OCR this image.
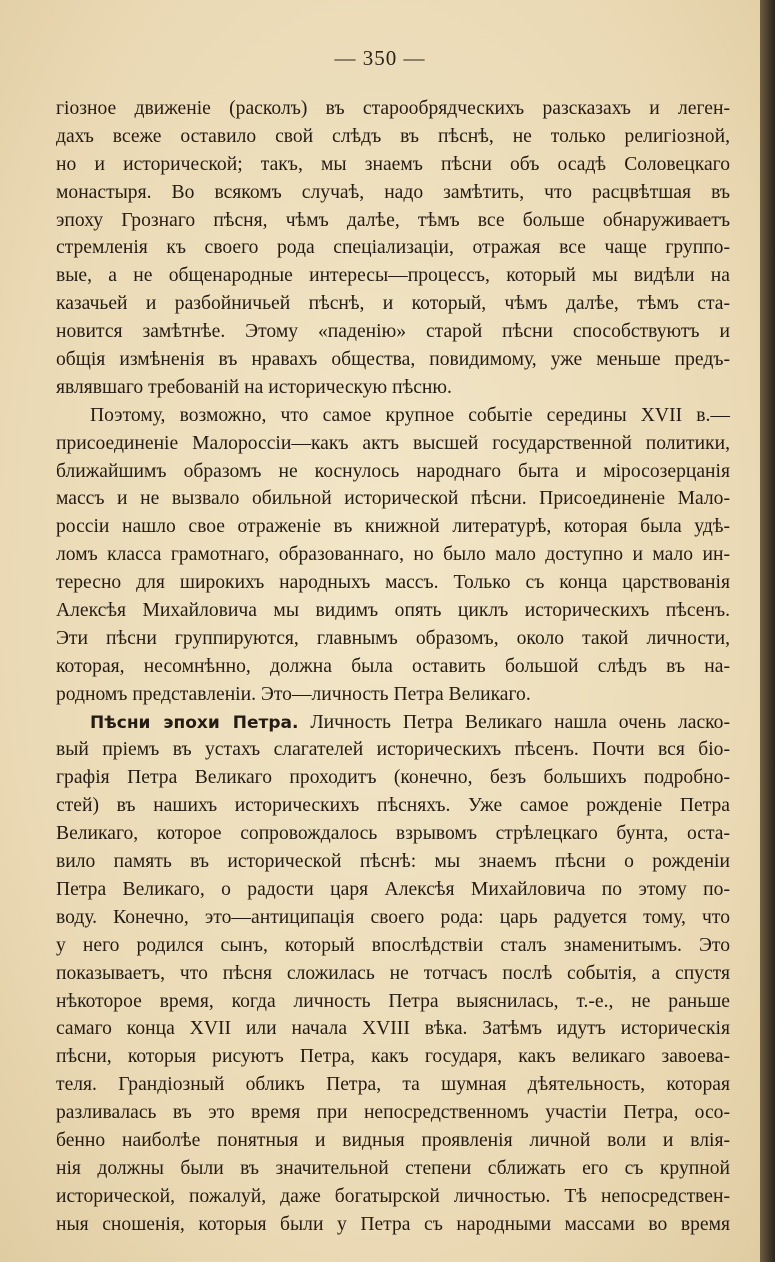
— 350 —
гіозное движеніе (расколъ) въ старообрядческихъ разсказахъ и леген-
дахъ всеже оставило свой слѣдъ въ пѣснѣ, не только религіозной,
но и исторической; такъ, мы знаемъ пѣсни объ осадѣ Соловецкаго
монастыря. Во всякомъ случаѣ, надо замѣтить, что расцвѣтшая въ
эпоху Грознаго пѣсня, чѣмъ далѣе, тѣмъ все больше обнаруживаетъ
стремленія къ своего рода спеціализаціи, отражая все чаще группо-
вые, а не общенародные интересы—процессъ, который мы видѣли на
казачьей и разбойничьей пѣснѣ, и который, чѣмъ далѣе, тѣмъ ста-
новится замѣтнѣе. Этому «паденію» старой пѣсни способствуютъ и
общія измѣненія въ нравахъ общества, повидимому, уже меньше предъ-
являвшаго требованій на историческую пѣсню.
Поэтому, возможно, что самое крупное событіе середины XVII в.—
присоединеніе Малороссіи—какъ актъ высшей государственной политики,
ближайшимъ образомъ не коснулось народнаго быта и міросозерцанія
массъ и не вызвало обильной исторической пѣсни. Присоединеніе Мало-
россіи нашло свое отраженіе въ книжной литературѣ, которая была удѣ-
ломъ класса грамотнаго, образованнаго, но было мало доступно и мало ин-
тересно для широкихъ народныхъ массъ. Только съ конца царствованія
Алексѣя Михайловича мы видимъ опять циклъ историческихъ пѣсенъ.
Эти пѣсни группируются, главнымъ образомъ, около такой личности,
которая, несомнѣнно, должна была оставить большой слѣдъ въ на-
родномъ представленіи. Это—личность Петра Великаго.
Пѣсни эпохи Петра. Личность Петра Великаго нашла очень ласко-
вый пріемъ въ устахъ слагателей историческихъ пѣсенъ. Почти вся біо-
графія Петра Великаго проходитъ (конечно, безъ большихъ подробно-
стей) въ нашихъ историческихъ пѣсняхъ. Уже самое рожденіе Петра
Великаго, которое сопровождалось взрывомъ стрѣлецкаго бунта, оста-
вило память въ исторической пѣснѣ: мы знаемъ пѣсни о рожденіи
Петра Великаго, о радости царя Алексѣя Михайловича по этому по-
воду. Конечно, это—антиципація своего рода: царь радуется тому, что
у него родился сынъ, который впослѣдствіи сталъ знаменитымъ. Это
показываетъ, что пѣсня сложилась не тотчасъ послѣ событія, а спустя
нѣкоторое время, когда личность Петра выяснилась, т.-е., не раньше
самаго конца XVII или начала XVIII вѣка. Затѣмъ идутъ историческія
пѣсни, которыя рисуютъ Петра, какъ государя, какъ великаго завоева-
теля. Грандіозный обликъ Петра, та шумная дѣятельность, которая
разливалась въ это время при непосредственномъ участіи Петра, осо-
бенно наиболѣе понятныя и видныя проявленія личной воли и влія-
нія должны были въ значительной степени сближать его съ крупной
исторической, пожалуй, даже богатырской личностью. Тѣ непосредствен-
ныя сношенія, которыя были у Петра съ народными массами во время
